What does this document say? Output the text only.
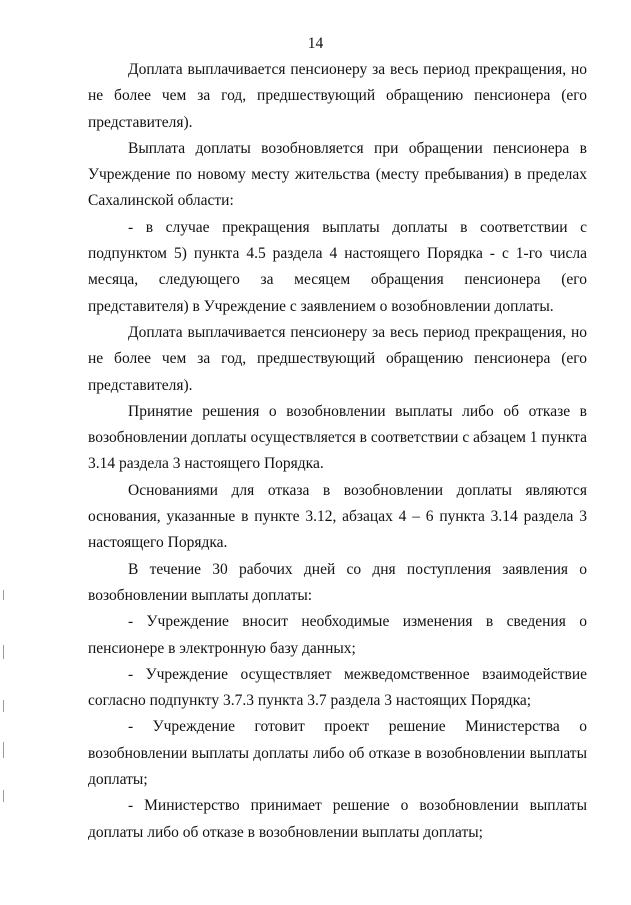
14

Доплата выплачивается пенсионеру за весь период прекращения, но не более чем за год, предшествующий обращению пенсионера (его представителя).

Выплата доплаты возобновляется при обращении пенсионера в Учреждение по новому месту жительства (месту пребывания) в пределах Сахалинской области:

- в случае прекращения выплаты доплаты в соответствии с подпунктом 5) пункта 4.5 раздела 4 настоящего Порядка - с 1-го числа месяца, следующего за месяцем обращения пенсионера (его представителя) в Учреждение с заявлением о возобновлении доплаты.

Доплата выплачивается пенсионеру за весь период прекращения, но не более чем за год, предшествующий обращению пенсионера (его представителя).

Принятие решения о возобновлении выплаты либо об отказе в возобновлении доплаты осуществляется в соответствии с абзацем 1 пункта 3.14 раздела 3 настоящего Порядка.

Основаниями для отказа в возобновлении доплаты являются основания, указанные в пункте 3.12, абзацах 4 – 6 пункта 3.14 раздела 3 настоящего Порядка.

В течение 30 рабочих дней со дня поступления заявления о возобновлении выплаты доплаты:

- Учреждение вносит необходимые изменения в сведения о пенсионере в электронную базу данных;

- Учреждение осуществляет межведомственное взаимодействие согласно подпункту 3.7.3 пункта 3.7 раздела 3 настоящих Порядка;

- Учреждение готовит проект решение Министерства о возобновлении выплаты доплаты либо об отказе в возобновлении выплаты доплаты;

- Министерство принимает решение о возобновлении выплаты доплаты либо об отказе в возобновлении выплаты доплаты;
